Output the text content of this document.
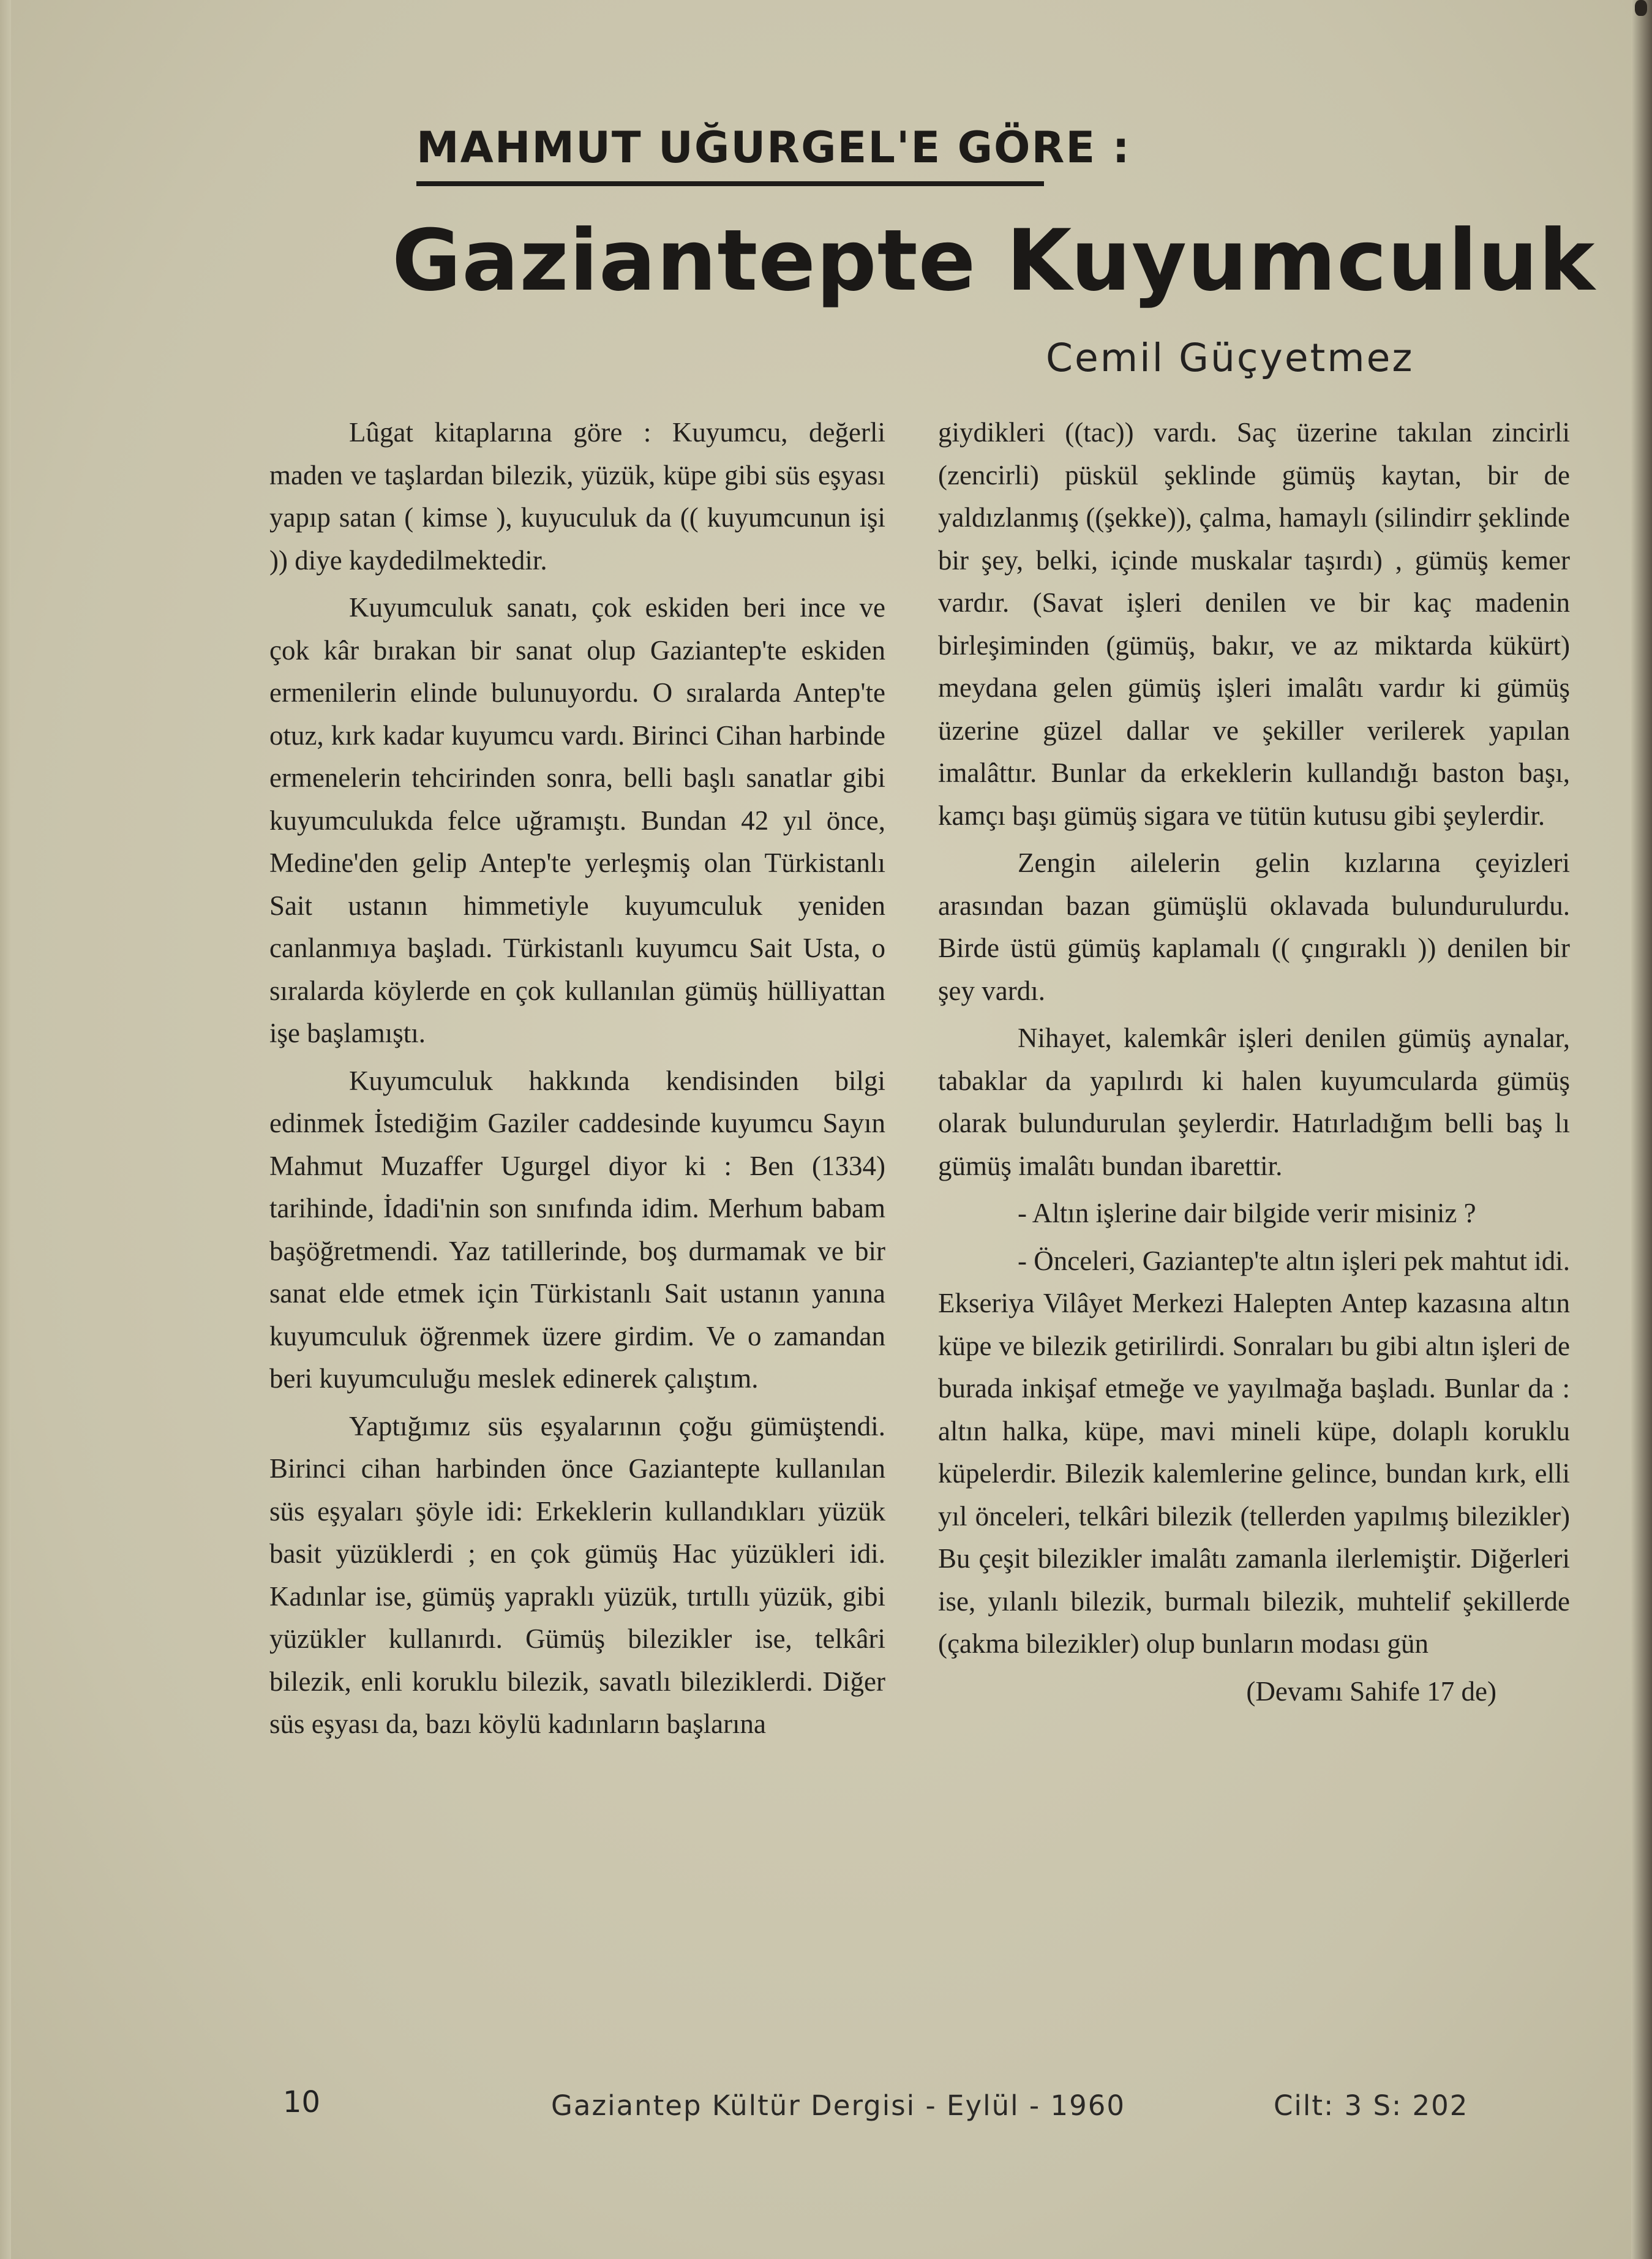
MAHMUT UĞURGEL'E GÖRE :
Gaziantepte Kuyumculuk
Cemil Güçyetmez

Lûgat kitaplarına göre : Kuyumcu, değerli maden ve taşlardan bilezik, yüzük, küpe gibi süs eşyası yapıp satan ( kimse ), kuyuculuk da (( kuyumcunun işi )) diye kaydedilmektedir.

Kuyumculuk sanatı, çok eskiden beri ince ve çok kâr bırakan bir sanat olup Gaziantep'te eskiden ermenilerin elinde bulunuyordu. O sıralarda Antep'te otuz, kırk kadar kuyumcu vardı. Birinci Cihan harbinde ermenelerin tehcirinden sonra, belli başlı sanatlar gibi kuyumculukda felce uğramıştı. Bundan 42 yıl önce, Medine'den gelip Antep'te yerleşmiş olan Türkistanlı Sait ustanın himmetiyle kuyumculuk yeniden canlanmıya başladı. Türkistanlı kuyumcu Sait Usta, o sıralarda köylerde en çok kullanılan gümüş hülliyattan işe başlamıştı.

Kuyumculuk hakkında kendisinden bilgi edinmek İstediğim Gaziler caddesinde kuyumcu Sayın Mahmut Muzaffer Ugurgel diyor ki : Ben (1334) tarihinde, İdadi'nin son sınıfında idim. Merhum babam başöğretmendi. Yaz tatillerinde, boş durmamak ve bir sanat elde etmek için Türkistanlı Sait ustanın yanına kuyumculuk öğrenmek üzere girdim. Ve o zamandan beri kuyumculuğu meslek edinerek çalıştım.

Yaptığımız süs eşyalarının çoğu gümüştendi. Birinci cihan harbinden önce Gaziantepte kullanılan süs eşyaları şöyle idi: Erkeklerin kullandıkları yüzük basit yüzüklerdi ; en çok gümüş Hac yüzükleri idi. Kadınlar ise, gümüş yapraklı yüzük, tırtıllı yüzük, gibi yüzükler kullanırdı. Gümüş bilezikler ise, telkâri bilezik, enli koruklu bilezik, savatlı bileziklerdi. Diğer süs eşyası da, bazı köylü kadınların başlarına

giydikleri ((tac)) vardı. Saç üzerine takılan zincirli (zencirli) püskül şeklinde gümüş kaytan, bir de yaldızlanmış ((şekke)), çalma, hamaylı (silindirr şeklinde bir şey, belki, içinde muskalar taşırdı) , gümüş kemer vardır. (Savat işleri denilen ve bir kaç madenin birleşiminden (gümüş, bakır, ve az miktarda kükürt) meydana gelen gümüş işleri imalâtı vardır ki gümüş üzerine güzel dallar ve şekiller verilerek yapılan imalâttır. Bunlar da erkeklerin kullandığı baston başı, kamçı başı gümüş sigara ve tütün kutusu gibi şeylerdir.

Zengin ailelerin gelin kızlarına çeyizleri arasından bazan gümüşlü oklavada bulundurulurdu. Birde üstü gümüş kaplamalı (( çıngıraklı )) denilen bir şey vardı.

Nihayet, kalemkâr işleri denilen gümüş aynalar, tabaklar da yapılırdı ki halen kuyumcularda gümüş olarak bulundurulan şeylerdir. Hatırladığım belli baş lı gümüş imalâtı bundan ibarettir.

- Altın işlerine dair bilgide verir misiniz ?

- Önceleri, Gaziantep'te altın işleri pek mahtut idi. Ekseriya Vilâyet Merkezi Halepten Antep kazasına altın küpe ve bilezik getirilirdi. Sonraları bu gibi altın işleri de burada inkişaf etmeğe ve yayılmağa başladı. Bunlar da : altın halka, küpe, mavi mineli küpe, dolaplı koruklu küpelerdir. Bilezik kalemlerine gelince, bundan kırk, elli yıl önceleri, telkâri bilezik (tellerden yapılmış bilezikler) Bu çeşit bilezikler imalâtı zamanla ilerlemiştir. Diğerleri ise, yılanlı bilezik, burmalı bilezik, muhtelif şekillerde (çakma bilezikler) olup bunların modası gün

(Devamı Sahife 17 de)

10	Gaziantep Kültür Dergisi - Eylül - 1960	Cilt: 3 S: 202
